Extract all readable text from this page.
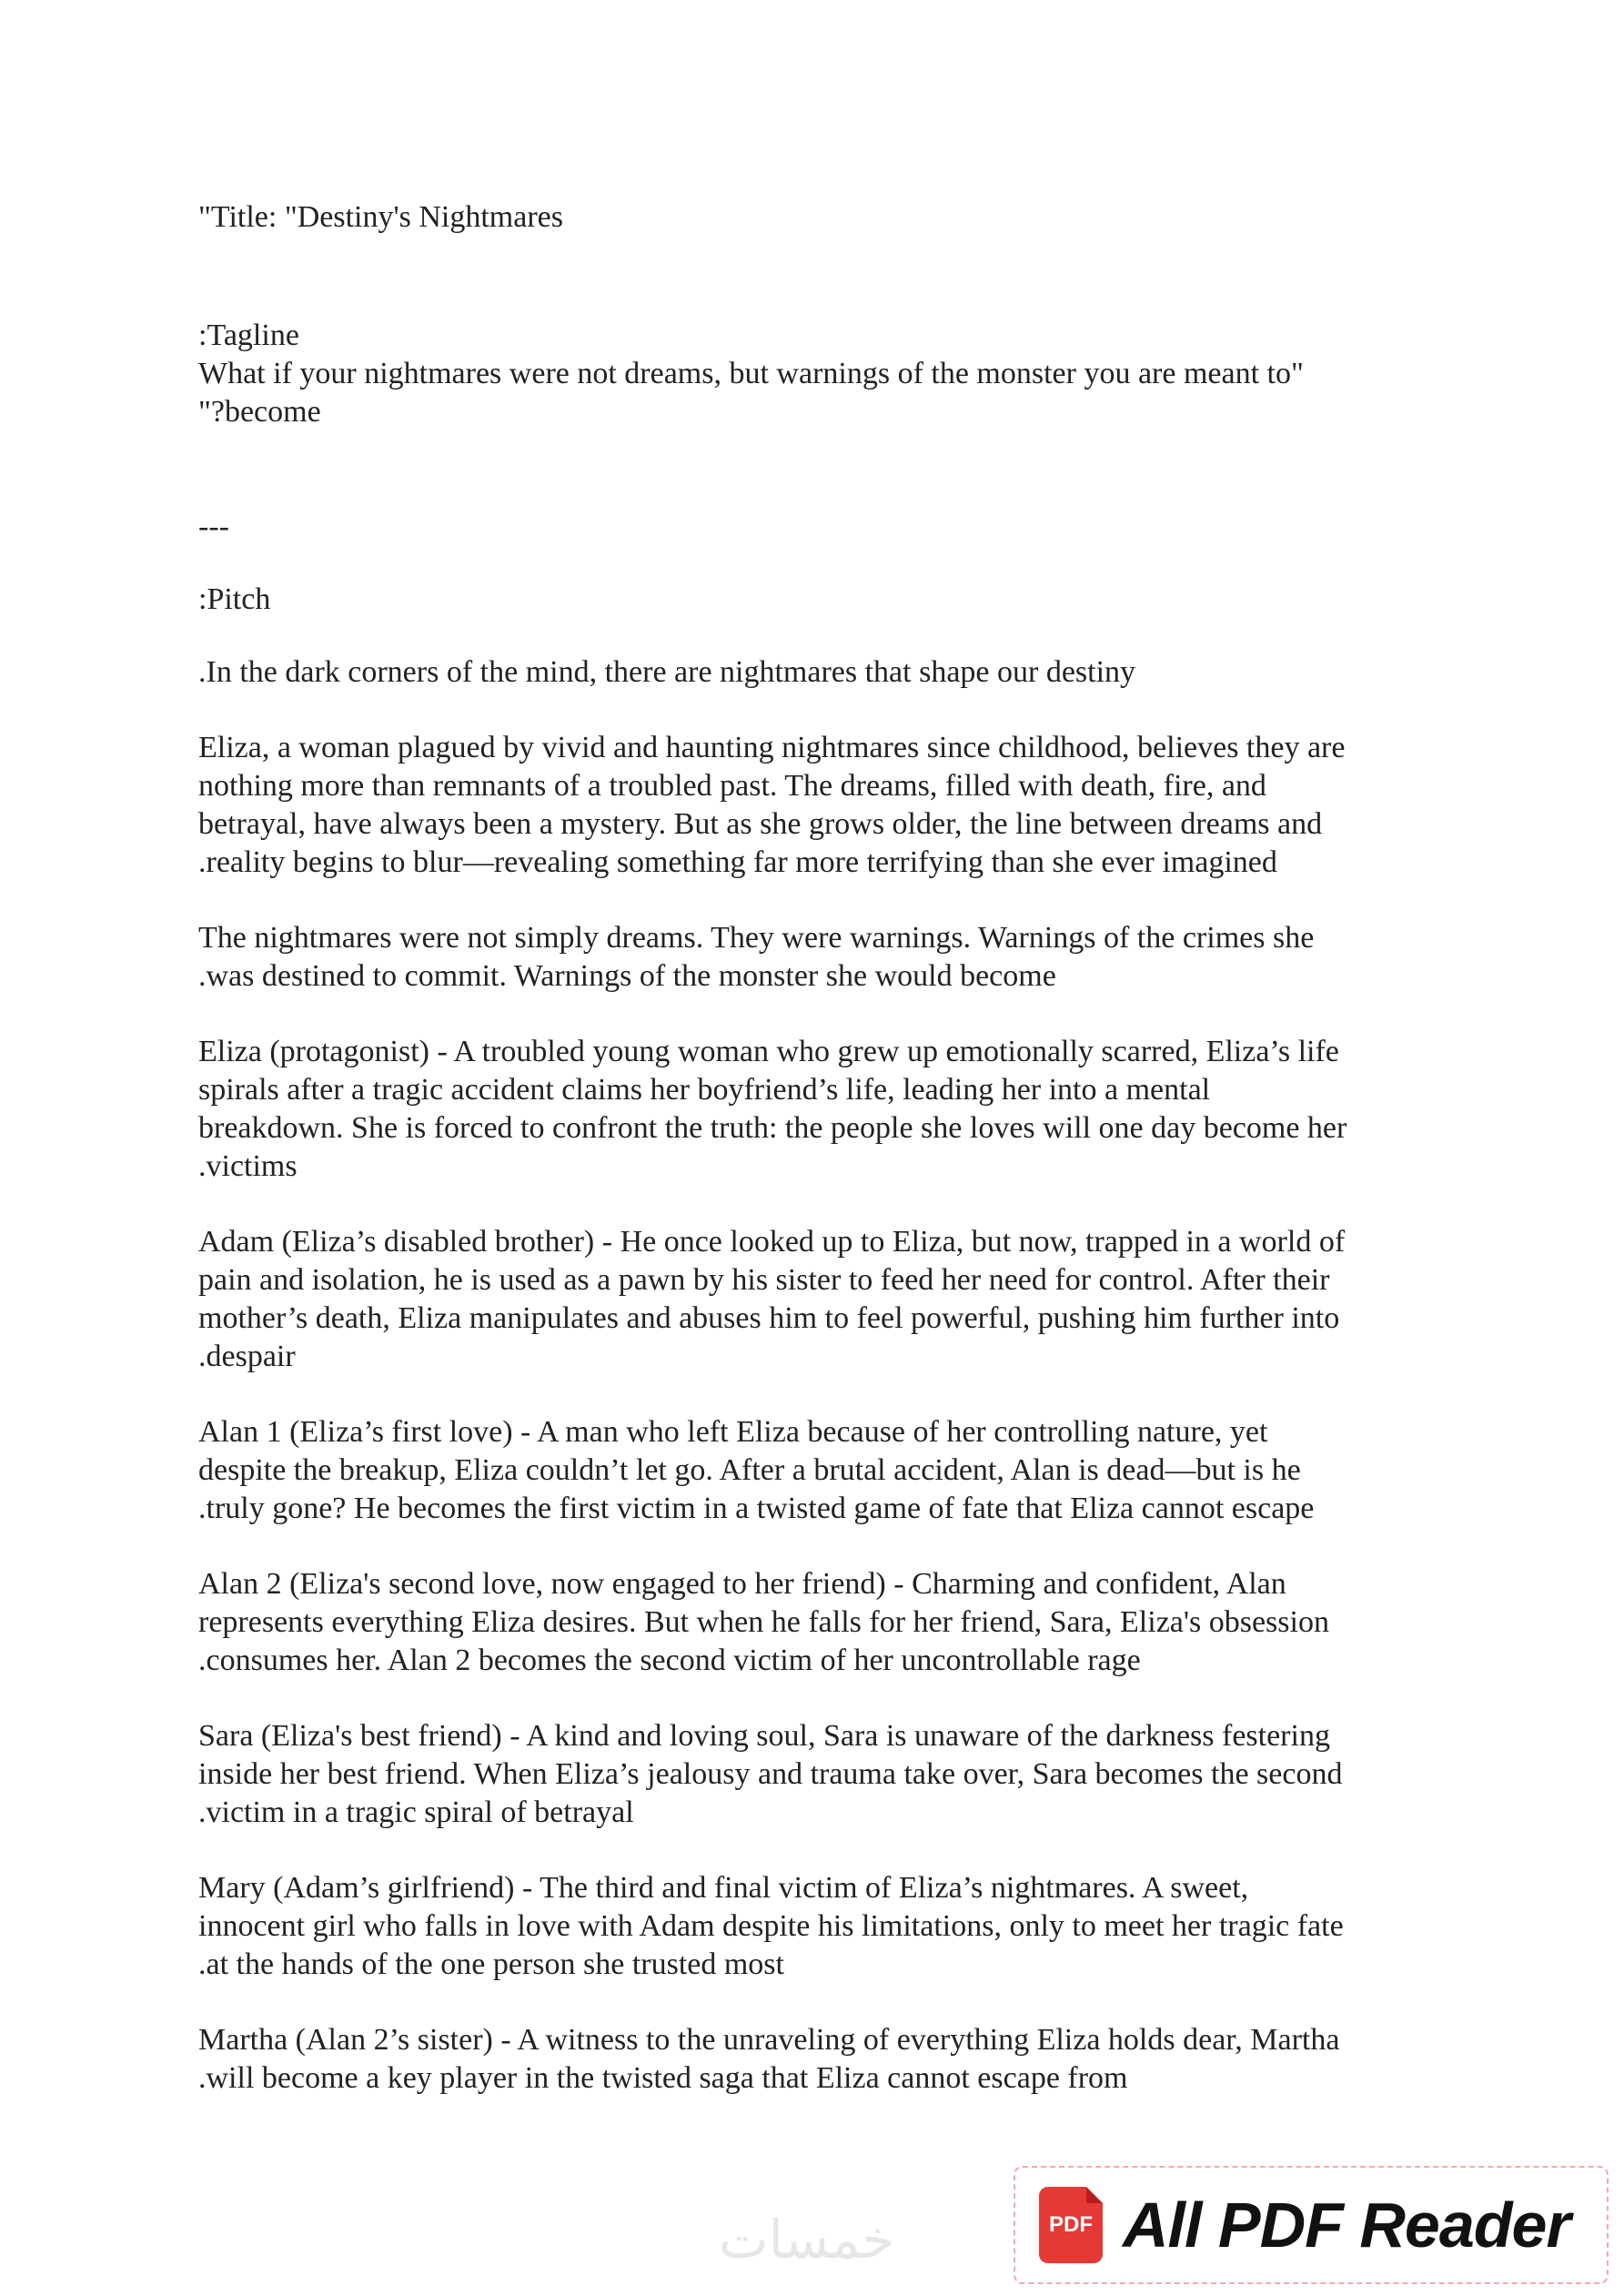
"Title: "Destiny's Nightmares

:Tagline

What if your nightmares were not dreams, but warnings of the monster you are meant to"

"?become

---

:Pitch

.In the dark corners of the mind, there are nightmares that shape our destiny

Eliza, a woman plagued by vivid and haunting nightmares since childhood, believes they are

nothing more than remnants of a troubled past. The dreams, filled with death, fire, and

betrayal, have always been a mystery. But as she grows older, the line between dreams and

.reality begins to blur—revealing something far more terrifying than she ever imagined

The nightmares were not simply dreams. They were warnings. Warnings of the crimes she

.was destined to commit. Warnings of the monster she would become

Eliza (protagonist) - A troubled young woman who grew up emotionally scarred, Eliza’s life

spirals after a tragic accident claims her boyfriend’s life, leading her into a mental

breakdown. She is forced to confront the truth: the people she loves will one day become her

.victims

Adam (Eliza’s disabled brother) - He once looked up to Eliza, but now, trapped in a world of

pain and isolation, he is used as a pawn by his sister to feed her need for control. After their

mother’s death, Eliza manipulates and abuses him to feel powerful, pushing him further into

.despair

Alan 1 (Eliza’s first love) - A man who left Eliza because of her controlling nature, yet

despite the breakup, Eliza couldn’t let go. After a brutal accident, Alan is dead—but is he

.truly gone? He becomes the first victim in a twisted game of fate that Eliza cannot escape

Alan 2 (Eliza's second love, now engaged to her friend) - Charming and confident, Alan

represents everything Eliza desires. But when he falls for her friend, Sara, Eliza's obsession

.consumes her. Alan 2 becomes the second victim of her uncontrollable rage

Sara (Eliza's best friend) - A kind and loving soul, Sara is unaware of the darkness festering

inside her best friend. When Eliza’s jealousy and trauma take over, Sara becomes the second

.victim in a tragic spiral of betrayal

Mary (Adam’s girlfriend) - The third and final victim of Eliza’s nightmares. A sweet,

innocent girl who falls in love with Adam despite his limitations, only to meet her tragic fate

.at the hands of the one person she trusted most

Martha (Alan 2’s sister) - A witness to the unraveling of everything Eliza holds dear, Martha

.will become a key player in the twisted saga that Eliza cannot escape from

خمسات	PDF All PDF Reader
